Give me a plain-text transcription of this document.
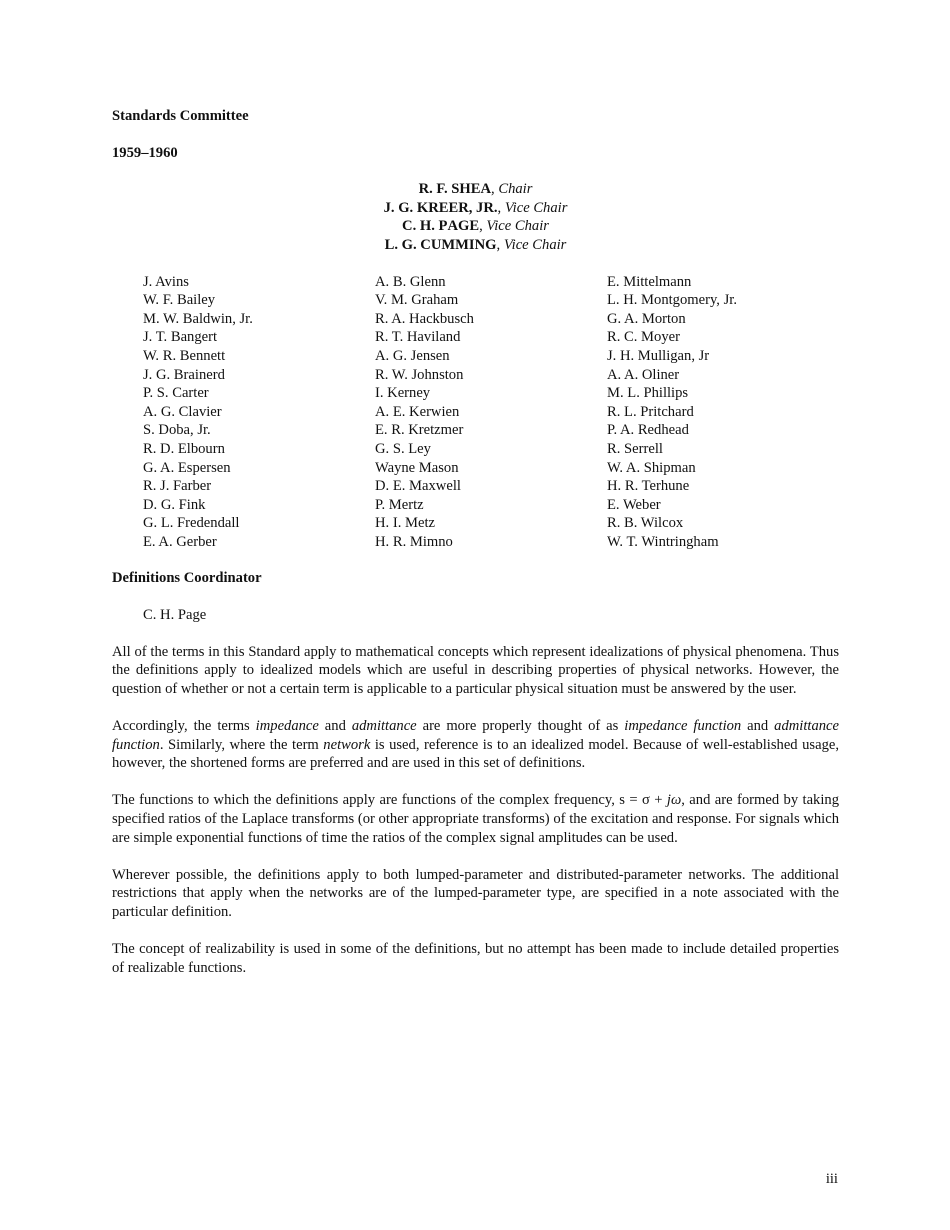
Standards Committee
1959–1960
R. F. SHEA, Chair
J. G. KREER, JR., Vice Chair
C. H. PAGE, Vice Chair
L. G. CUMMING, Vice Chair
J. Avins
W. F. Bailey
M. W. Baldwin, Jr.
J. T. Bangert
W. R. Bennett
J. G. Brainerd
P. S. Carter
A. G. Clavier
S. Doba, Jr.
R. D. Elbourn
G. A. Espersen
R. J. Farber
D. G. Fink
G. L. Fredendall
E. A. Gerber
A. B. Glenn
V. M. Graham
R. A. Hackbusch
R. T. Haviland
A. G. Jensen
R. W. Johnston
I. Kerney
A. E. Kerwien
E. R. Kretzmer
G. S. Ley
Wayne Mason
D. E. Maxwell
P. Mertz
H. I. Metz
H. R. Mimno
E. Mittelmann
L. H. Montgomery, Jr.
G. A. Morton
R. C. Moyer
J. H. Mulligan, Jr
A. A. Oliner
M. L. Phillips
R. L. Pritchard
P. A. Redhead
R. Serrell
W. A. Shipman
H. R. Terhune
E. Weber
R. B. Wilcox
W. T. Wintringham
Definitions Coordinator
C. H. Page

All of the terms in this Standard apply to mathematical concepts which represent idealizations of physical phenomena. Thus the definitions apply to idealized models which are useful in describing properties of physical networks. However, the question of whether or not a certain term is applicable to a particular physical situation must be answered by the user.

Accordingly, the terms impedance and admittance are more properly thought of as impedance function and admittance function. Similarly, where the term network is used, reference is to an idealized model. Because of well-established usage, however, the shortened forms are preferred and are used in this set of definitions.

The functions to which the definitions apply are functions of the complex frequency, s = σ + jω, and are formed by taking specified ratios of the Laplace transforms (or other appropriate transforms) of the excitation and response. For signals which are simple exponential functions of time the ratios of the complex signal amplitudes can be used.

Wherever possible, the definitions apply to both lumped-parameter and distributed-parameter networks. The additional restrictions that apply when the networks are of the lumped-parameter type, are specified in a note associated with the particular definition.

The concept of realizability is used in some of the definitions, but no attempt has been made to include detailed properties of realizable functions.

iii
